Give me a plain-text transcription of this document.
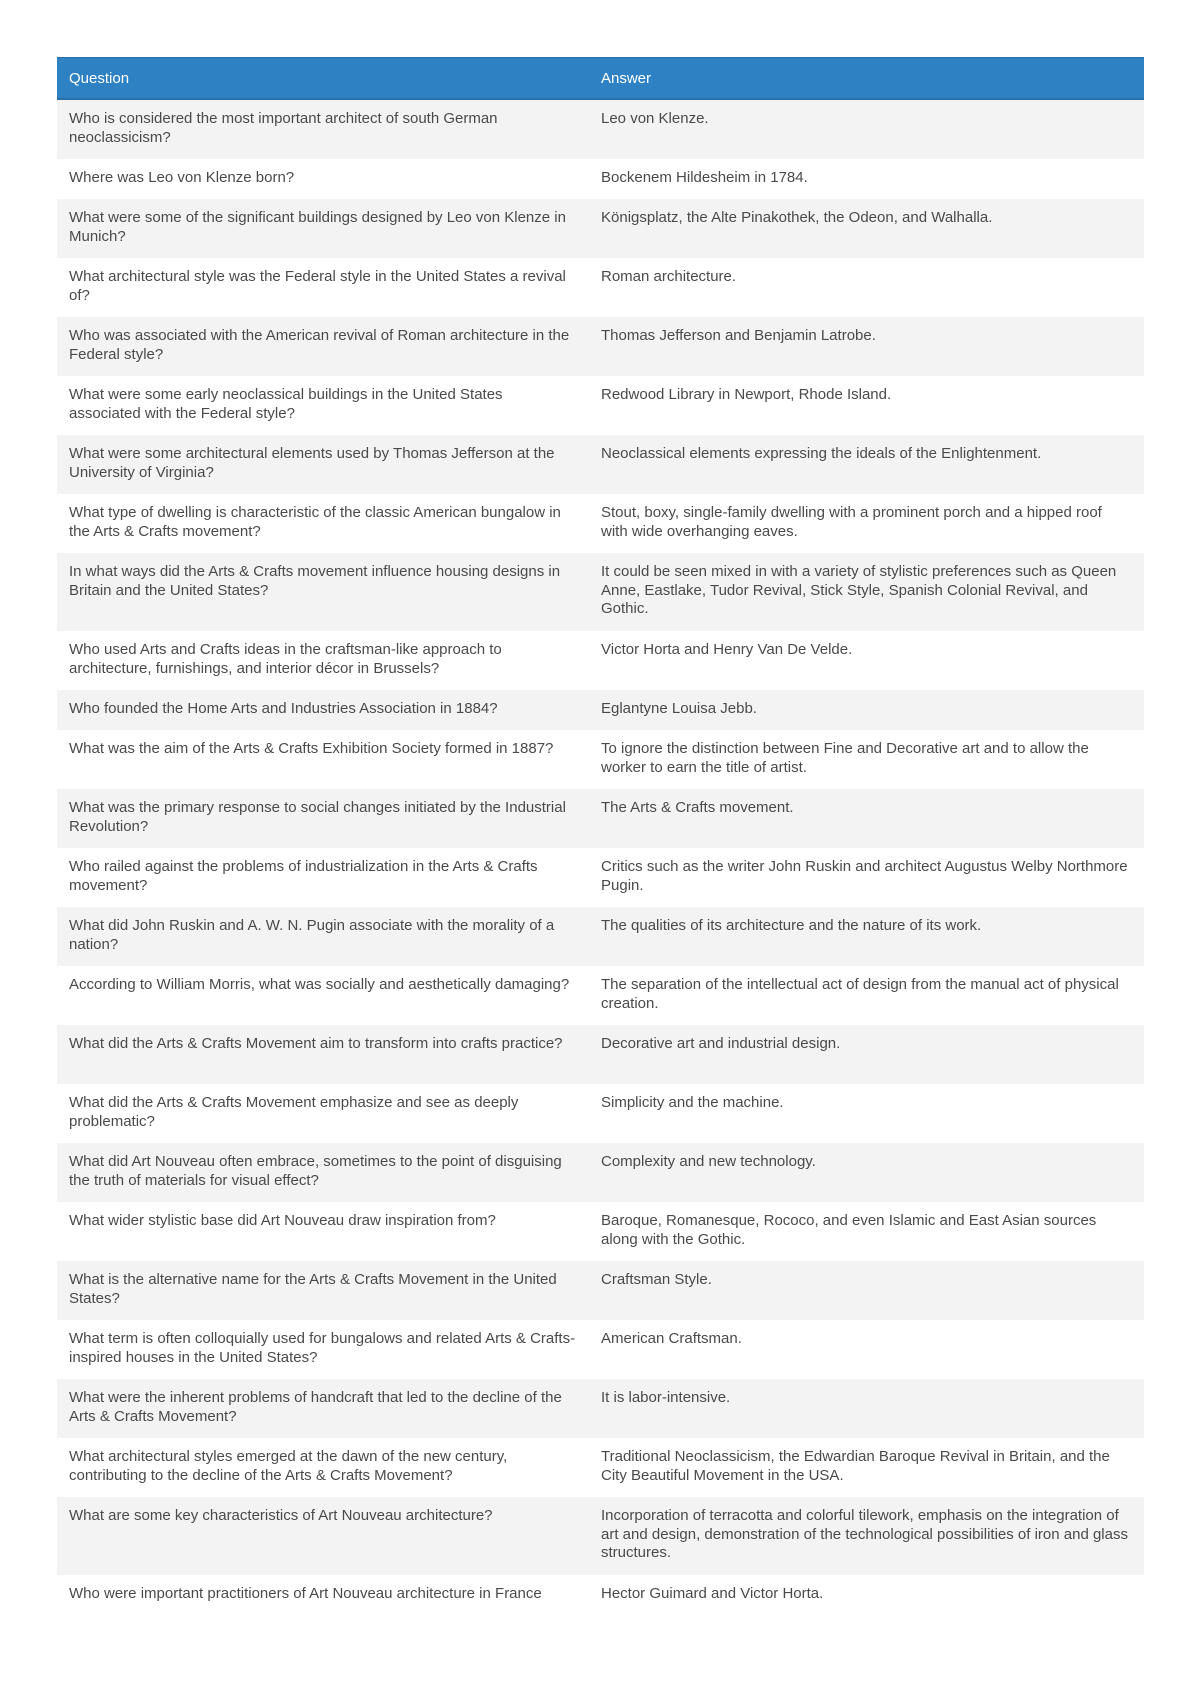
Question	Answer
Who is considered the most important architect of south German neoclassicism?	Leo von Klenze.
Where was Leo von Klenze born?	Bockenem Hildesheim in 1784.
What were some of the significant buildings designed by Leo von Klenze in Munich?	Königsplatz, the Alte Pinakothek, the Odeon, and Walhalla.
What architectural style was the Federal style in the United States a revival of?	Roman architecture.
Who was associated with the American revival of Roman architecture in the Federal style?	Thomas Jefferson and Benjamin Latrobe.
What were some early neoclassical buildings in the United States associated with the Federal style?	Redwood Library in Newport, Rhode Island.
What were some architectural elements used by Thomas Jefferson at the University of Virginia?	Neoclassical elements expressing the ideals of the Enlightenment.
What type of dwelling is characteristic of the classic American bungalow in the Arts & Crafts movement?	Stout, boxy, single-family dwelling with a prominent porch and a hipped roof with wide overhanging eaves.
In what ways did the Arts & Crafts movement influence housing designs in Britain and the United States?	It could be seen mixed in with a variety of stylistic preferences such as Queen Anne, Eastlake, Tudor Revival, Stick Style, Spanish Colonial Revival, and Gothic.
Who used Arts and Crafts ideas in the craftsman-like approach to architecture, furnishings, and interior décor in Brussels?	Victor Horta and Henry Van De Velde.
Who founded the Home Arts and Industries Association in 1884?	Eglantyne Louisa Jebb.
What was the aim of the Arts & Crafts Exhibition Society formed in 1887?	To ignore the distinction between Fine and Decorative art and to allow the worker to earn the title of artist.
What was the primary response to social changes initiated by the Industrial Revolution?	The Arts & Crafts movement.
Who railed against the problems of industrialization in the Arts & Crafts movement?	Critics such as the writer John Ruskin and architect Augustus Welby Northmore Pugin.
What did John Ruskin and A. W. N. Pugin associate with the morality of a nation?	The qualities of its architecture and the nature of its work.
According to William Morris, what was socially and aesthetically damaging?	The separation of the intellectual act of design from the manual act of physical creation.
What did the Arts & Crafts Movement aim to transform into crafts practice?	Decorative art and industrial design.
What did the Arts & Crafts Movement emphasize and see as deeply problematic?	Simplicity and the machine.
What did Art Nouveau often embrace, sometimes to the point of disguising the truth of materials for visual effect?	Complexity and new technology.
What wider stylistic base did Art Nouveau draw inspiration from?	Baroque, Romanesque, Rococo, and even Islamic and East Asian sources along with the Gothic.
What is the alternative name for the Arts & Crafts Movement in the United States?	Craftsman Style.
What term is often colloquially used for bungalows and related Arts & Crafts-inspired houses in the United States?	American Craftsman.
What were the inherent problems of handcraft that led to the decline of the Arts & Crafts Movement?	It is labor-intensive.
What architectural styles emerged at the dawn of the new century, contributing to the decline of the Arts & Crafts Movement?	Traditional Neoclassicism, the Edwardian Baroque Revival in Britain, and the City Beautiful Movement in the USA.
What are some key characteristics of Art Nouveau architecture?	Incorporation of terracotta and colorful tilework, emphasis on the integration of art and design, demonstration of the technological possibilities of iron and glass structures.
Who were important practitioners of Art Nouveau architecture in France	Hector Guimard and Victor Horta.
